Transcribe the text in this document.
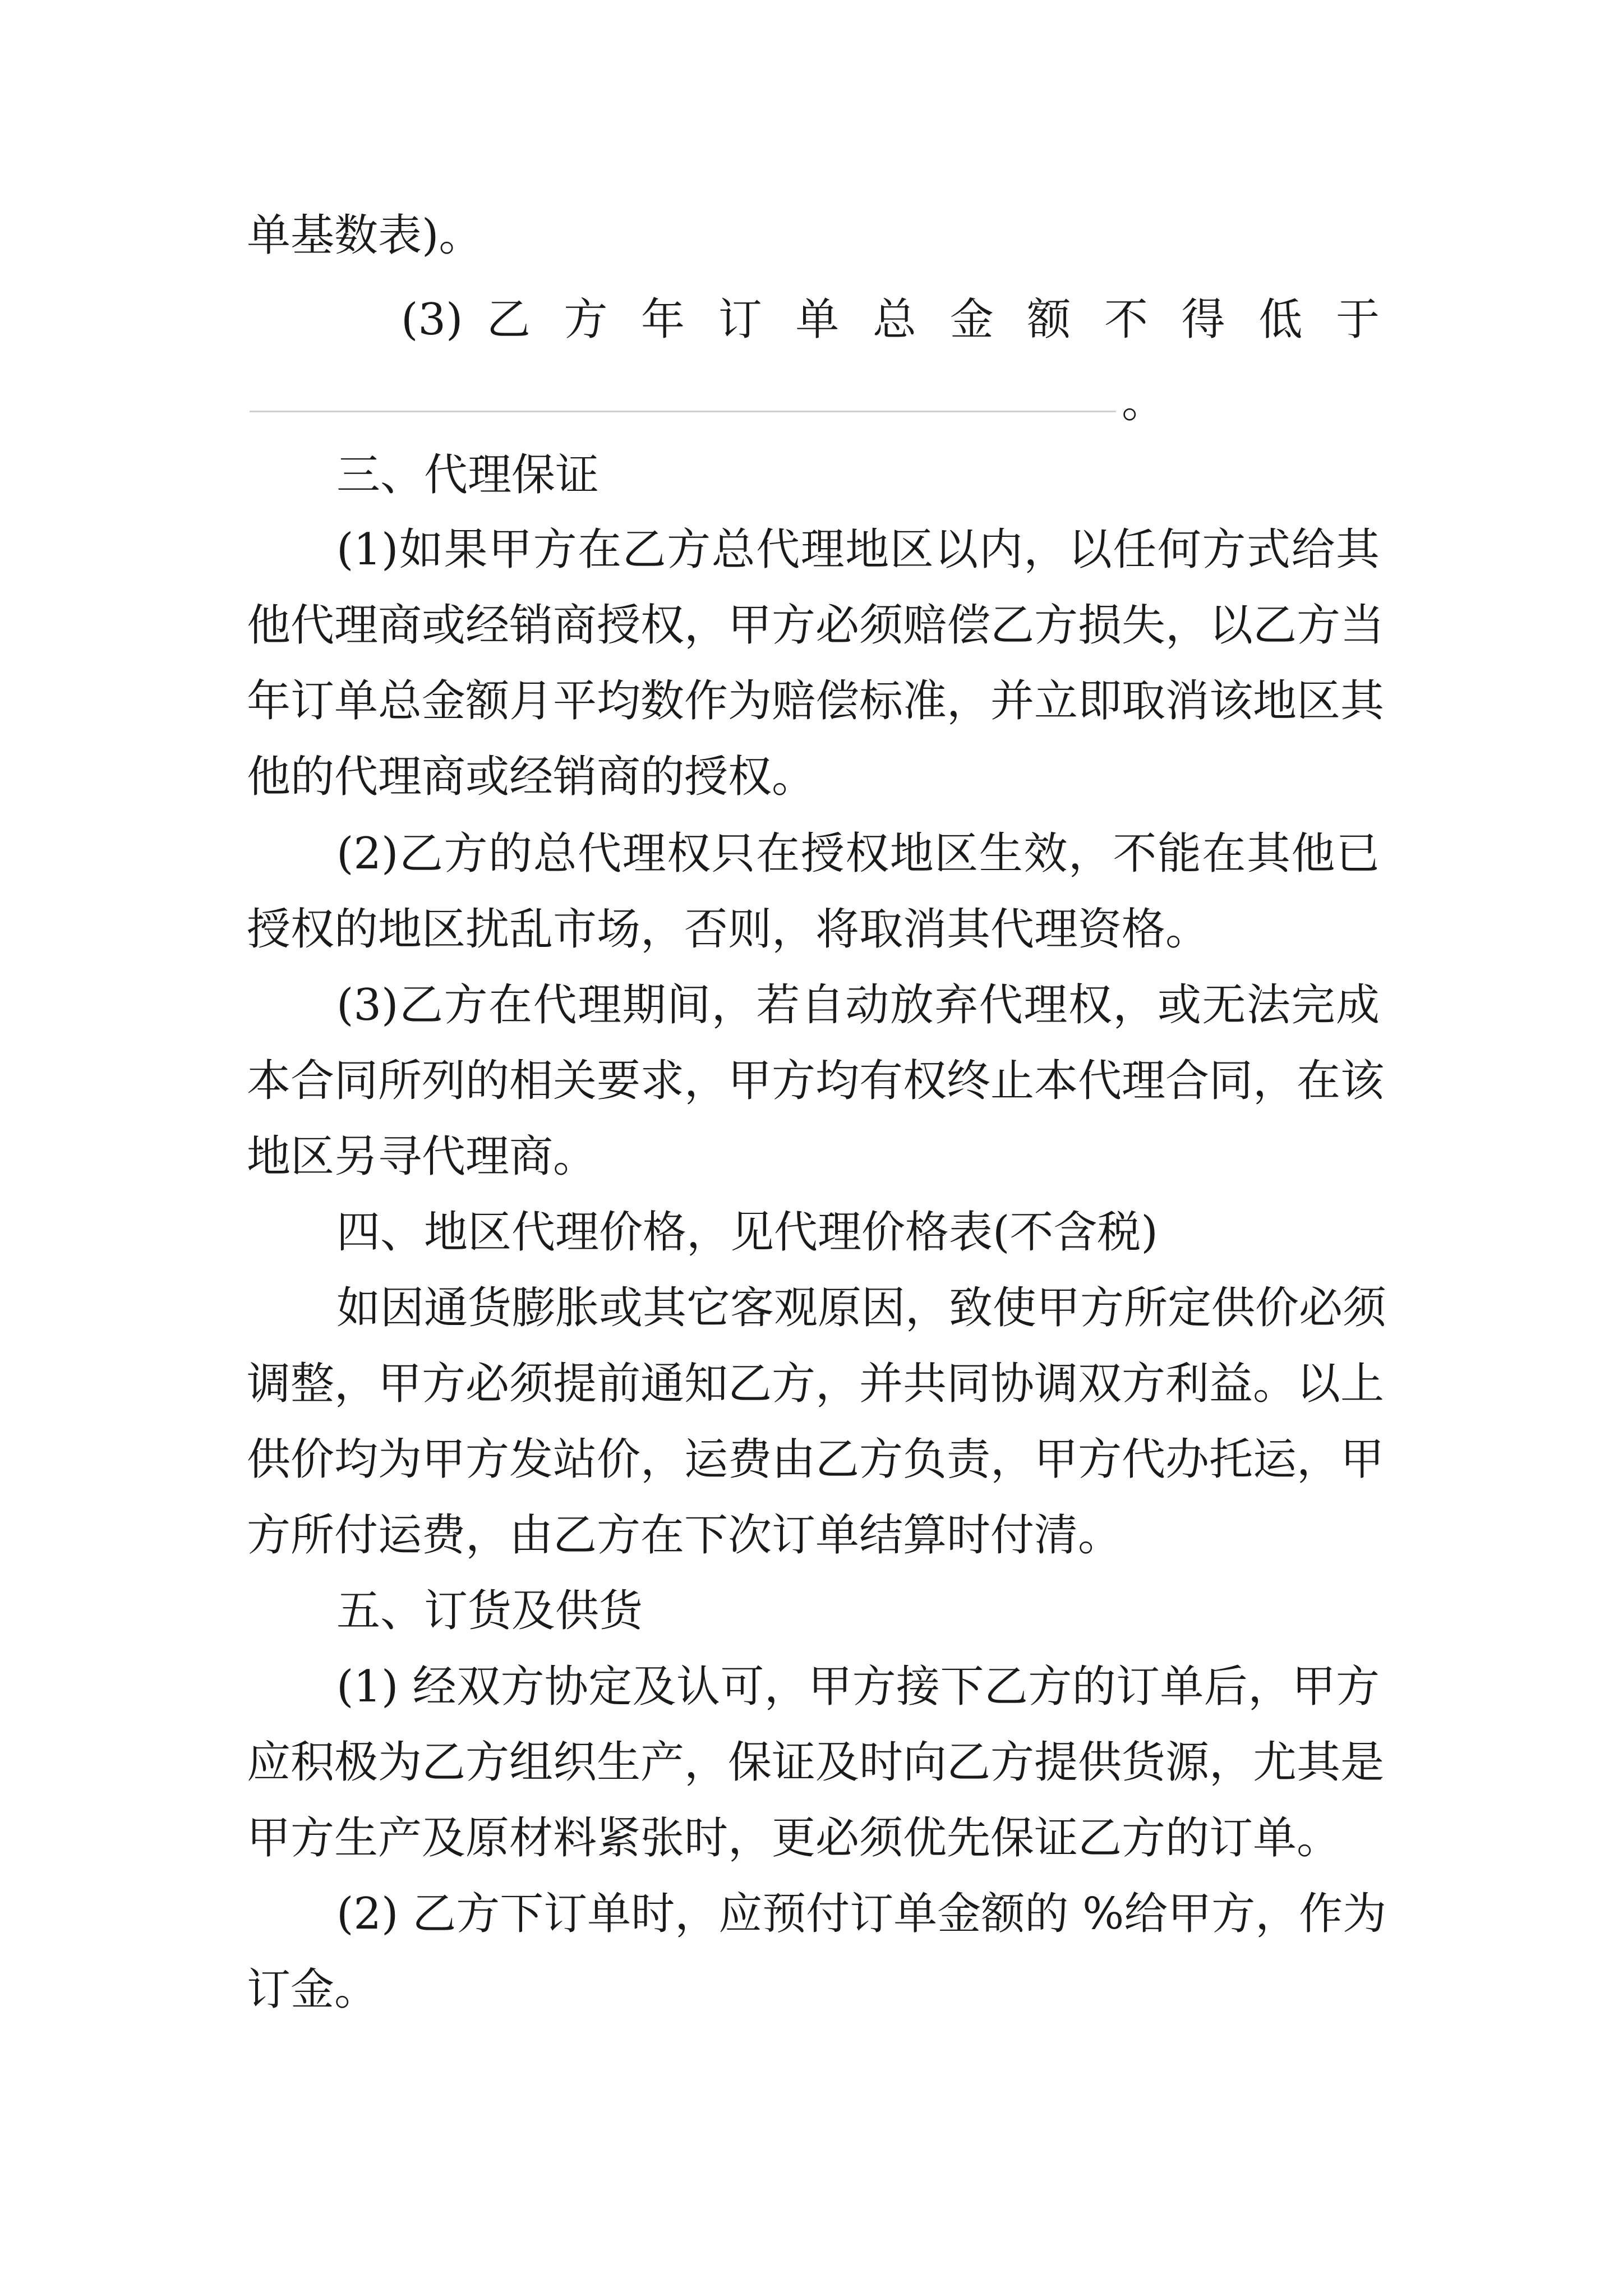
单基数表)。
(3) 乙 方 年 订 单 总 金 额 不 得 低 于
。
三、代理保证
(1)如果甲方在乙方总代理地区以内，以任何方式给其
他代理商或经销商授权，甲方必须赔偿乙方损失，以乙方当
年订单总金额月平均数作为赔偿标准，并立即取消该地区其
他的代理商或经销商的授权。
(2)乙方的总代理权只在授权地区生效，不能在其他已
授权的地区扰乱市场，否则，将取消其代理资格。
(3)乙方在代理期间，若自动放弃代理权，或无法完成
本合同所列的相关要求，甲方均有权终止本代理合同，在该
地区另寻代理商。
四、地区代理价格，见代理价格表(不含税)
如因通货膨胀或其它客观原因，致使甲方所定供价必须
调整，甲方必须提前通知乙方，并共同协调双方利益。以上
供价均为甲方发站价，运费由乙方负责，甲方代办托运，甲
方所付运费，由乙方在下次订单结算时付清。
五、订货及供货
(1) 经双方协定及认可，甲方接下乙方的订单后，甲方
应积极为乙方组织生产，保证及时向乙方提供货源，尤其是
甲方生产及原材料紧张时，更必须优先保证乙方的订单。
(2) 乙方下订单时，应预付订单金额的 %给甲方，作为
订金。
